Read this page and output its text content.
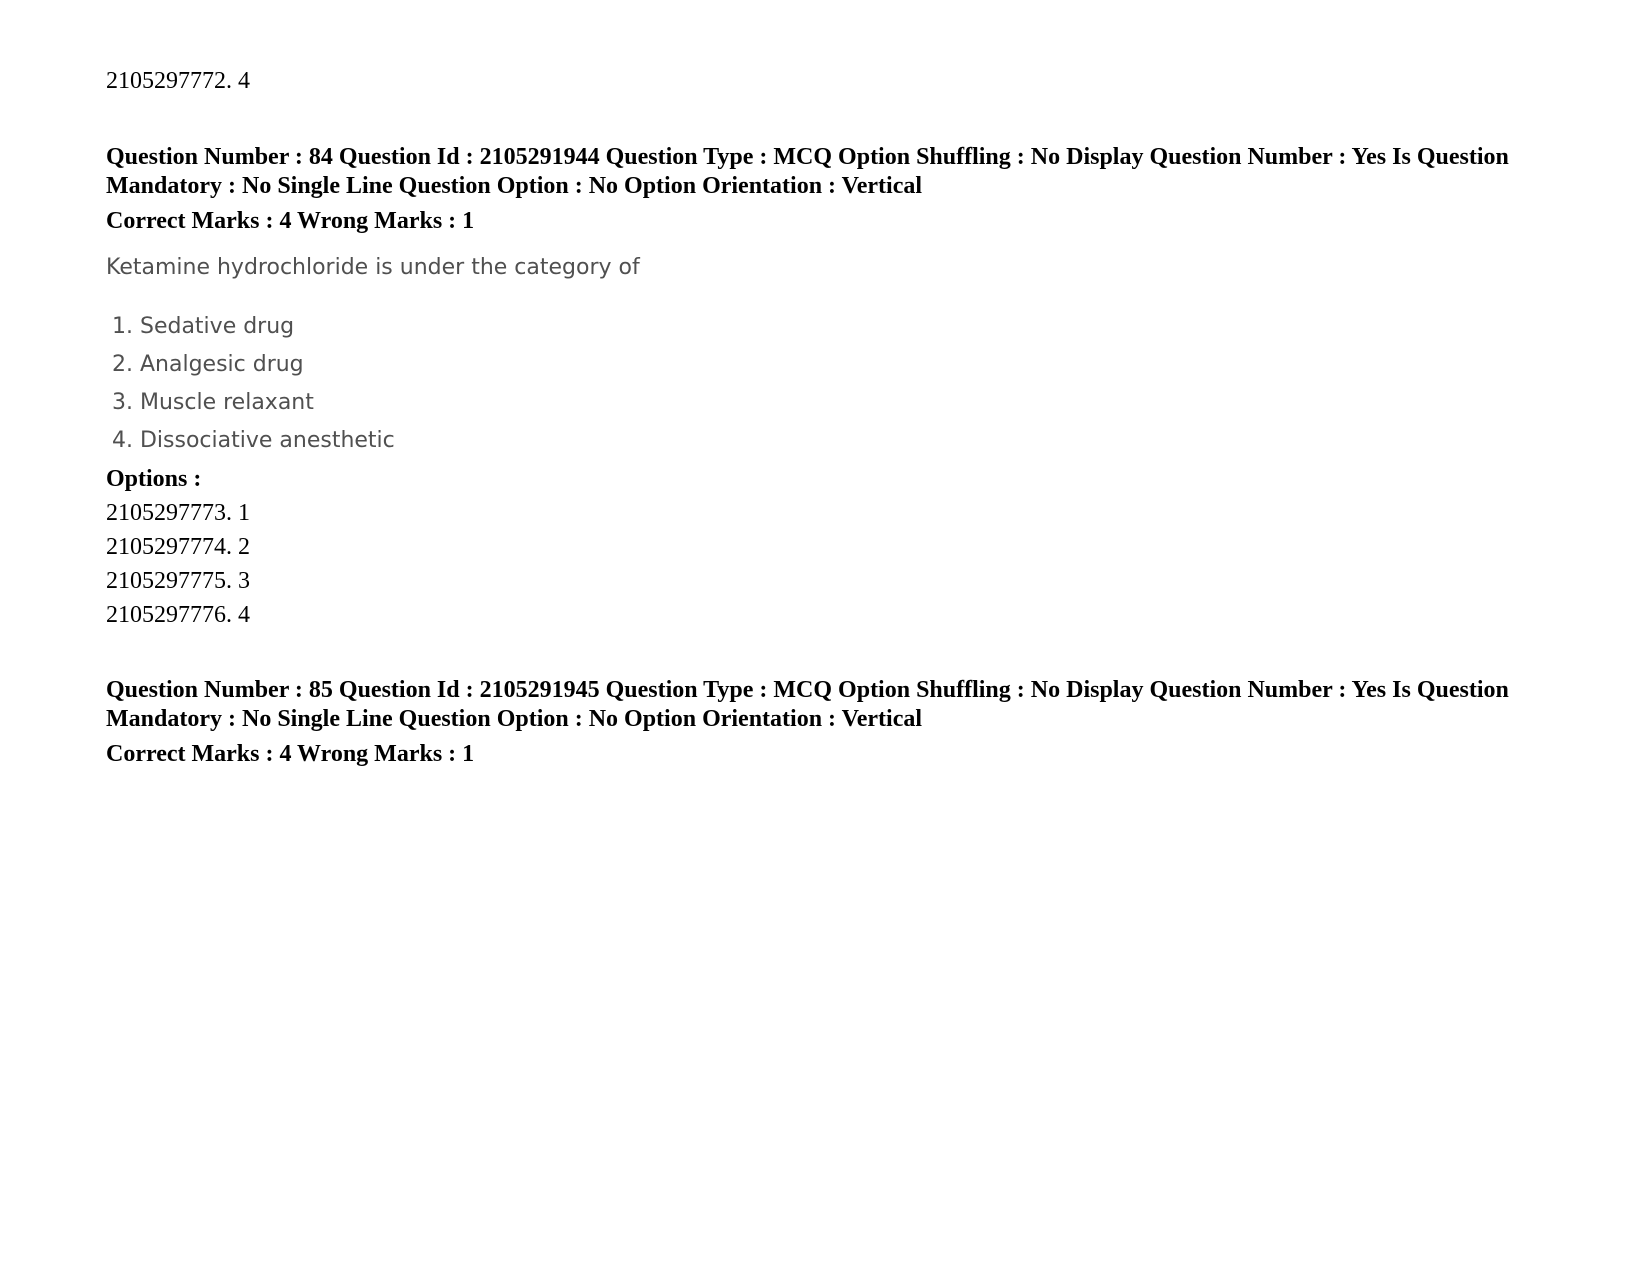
2105297772. 4

Question Number : 84 Question Id : 2105291944 Question Type : MCQ Option Shuffling : No Display Question Number : Yes Is Question Mandatory : No Single Line Question Option : No Option Orientation : Vertical

Correct Marks : 4 Wrong Marks : 1

Ketamine hydrochloride is under the category of

1. Sedative drug

2. Analgesic drug

3. Muscle relaxant

4. Dissociative anesthetic

Options :

2105297773. 1

2105297774. 2

2105297775. 3

2105297776. 4

Question Number : 85 Question Id : 2105291945 Question Type : MCQ Option Shuffling : No Display Question Number : Yes Is Question Mandatory : No Single Line Question Option : No Option Orientation : Vertical

Correct Marks : 4 Wrong Marks : 1
